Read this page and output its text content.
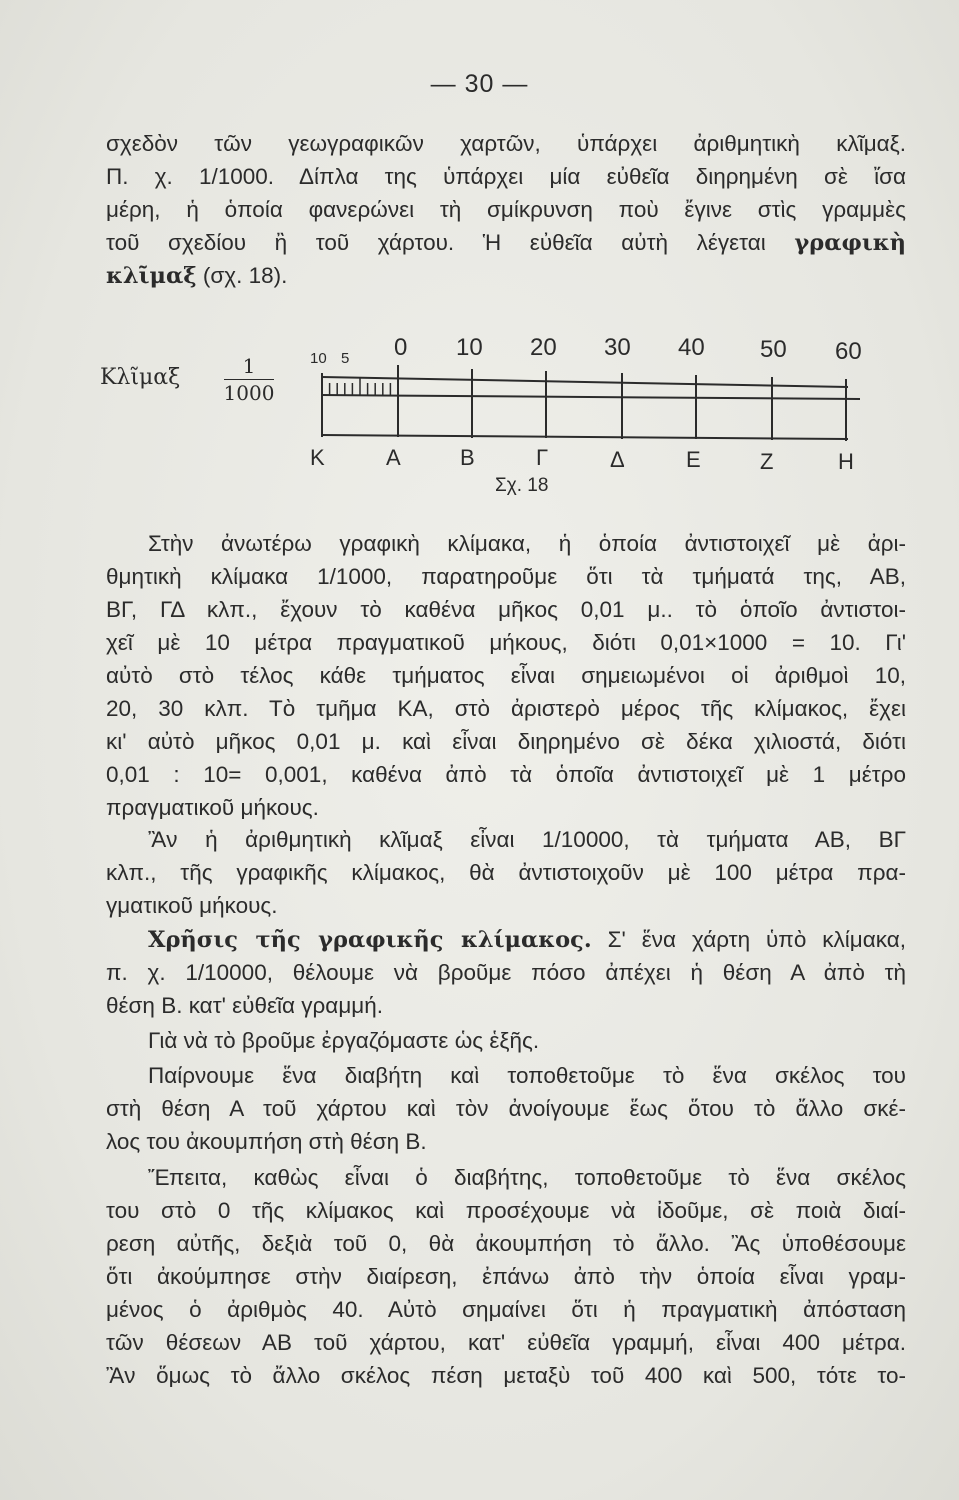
— 30 —
σχεδὸν τῶν γεωγραφικῶν χαρτῶν, ὑπάρχει ἀριθμητικὴ κλῖμαξ.
Π. χ. 1/1000. Δίπλα της ὑπάρχει μία εὐθεῖα διηρημένη σὲ ἴσα
μέρη, ἡ ὁποία φανερώνει τὴ σμίκρυνση ποὺ ἔγινε στὶς γραμμὲς
τοῦ σχεδίου ἢ τοῦ χάρτου. Ἡ εὐθεῖα αὐτὴ λέγεται γραφικὴ
κλῖμαξ (σχ. 18).
Κλῖμαξ	1
1000
10 5 0 10 20 30 40 50 60
Κ	Α	Β	Γ	Δ	Ε	Ζ	Η
Σχ. 18
Στὴν ἀνωτέρω γραφικὴ κλίμακα, ἡ ὁποία ἀντιστοιχεῖ μὲ ἀρι-
θμητικὴ κλίμακα 1/1000, παρατηροῦμε ὅτι τὰ τμήματά της, ΑΒ,
ΒΓ, ΓΔ κλπ., ἔχουν τὸ καθένα μῆκος 0,01 μ.. τὸ ὁποῖο ἀντιστοι-
χεῖ μὲ 10 μέτρα πραγματικοῦ μήκους, διότι 0,01×1000 = 10. Γι'
αὐτὸ στὸ τέλος κάθε τμήματος εἶναι σημειωμένοι οἱ ἀριθμοὶ 10,
20, 30 κλπ. Τὸ τμῆμα ΚΑ, στὸ ἀριστερὸ μέρος τῆς κλίμακος, ἔχει
κι' αὐτὸ μῆκος 0,01 μ. καὶ εἶναι διηρημένο σὲ δέκα χιλιοστά, διότι
0,01 : 10= 0,001, καθένα ἀπὸ τὰ ὁποῖα ἀντιστοιχεῖ μὲ 1 μέτρο
πραγματικοῦ μήκους.
Ἂν ἡ ἀριθμητικὴ κλῖμαξ εἶναι 1/10000, τὰ τμήματα ΑΒ, ΒΓ
κλπ., τῆς γραφικῆς κλίμακος, θὰ ἀντιστοιχοῦν μὲ 100 μέτρα πρα-
γματικοῦ μήκους.
Χρῆσις τῆς γραφικῆς κλίμακος. Σ' ἕνα χάρτη ὑπὸ κλίμακα,
π. χ. 1/10000, θέλουμε νὰ βροῦμε πόσο ἀπέχει ἡ θέση Α ἀπὸ τὴ
θέση Β. κατ' εὐθεῖα γραμμή.
Γιὰ νὰ τὸ βροῦμε ἐργαζόμαστε ὡς ἑξῆς.
Παίρνουμε ἕνα διαβήτη καὶ τοποθετοῦμε τὸ ἕνα σκέλος του
στὴ θέση Α τοῦ χάρτου καὶ τὸν ἀνοίγουμε ἕως ὅτου τὸ ἄλλο σκέ-
λος του ἀκουμπήση στὴ θέση Β.
Ἔπειτα, καθὼς εἶναι ὁ διαβήτης, τοποθετοῦμε τὸ ἕνα σκέλος
του στὸ 0 τῆς κλίμακος καὶ προσέχουμε νὰ ἰδοῦμε, σὲ ποιὰ διαί-
ρεση αὐτῆς, δεξιὰ τοῦ 0, θὰ ἀκουμπήση τὸ ἄλλο. Ἂς ὑποθέσουμε
ὅτι ἀκούμπησε στὴν διαίρεση, ἐπάνω ἀπὸ τὴν ὁποία εἶναι γραμ-
μένος ὁ ἀριθμὸς 40. Αὐτὸ σημαίνει ὅτι ἡ πραγματικὴ ἀπόσταση
τῶν θέσεων ΑΒ τοῦ χάρτου, κατ' εὐθεῖα γραμμή, εἶναι 400 μέτρα.
Ἂν ὅμως τὸ ἄλλο σκέλος πέση μεταξὺ τοῦ 400 καὶ 500, τότε το-
